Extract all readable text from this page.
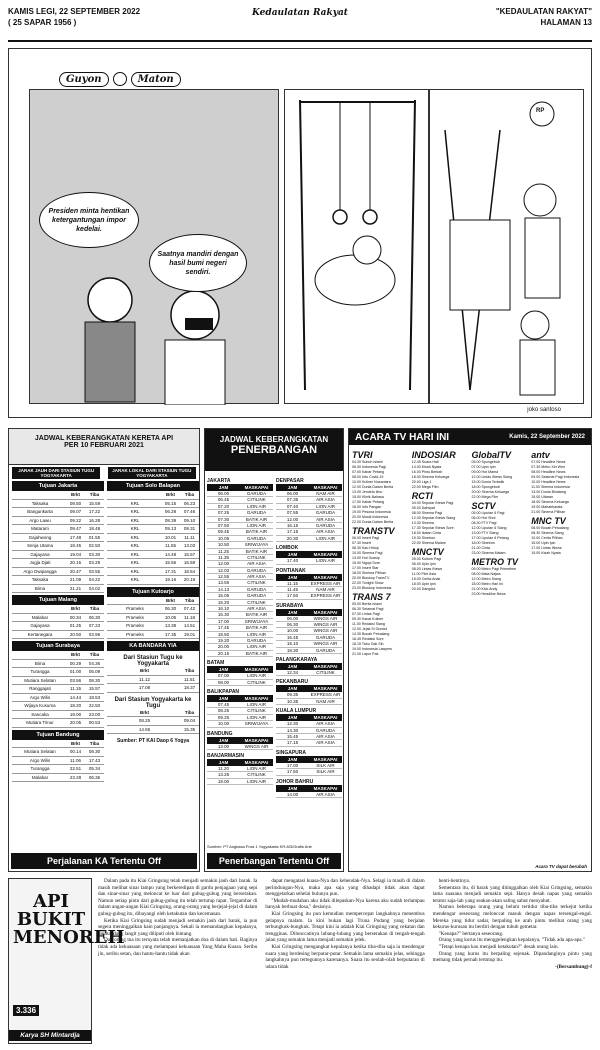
KAMIS LEGI, 22 SEPTEMBER 2022
( 25 SAPAR 1956 )
Kedaulatan Rakyat	"KEDAULATAN RAKYAT"
HALAMAN 13
Guyon	Maton
Presiden minta hentikan ketergantungan impor kedelai.
Saatnya mandiri dengan hasil bumi negeri sendiri.
RP
joko santoso
JADWAL KEBERANGKATAN KERETA API
PER 10 FEBRUARI 2021
JARAK JAUH DARI STASIUN TUGU YOGYAKARTA
JARAK LOKAL DARI STASIUN TUGU YOGYAKARTA
Tujuan Jakarta
Brkt	Tiba
Taksaka	08.50	15.59
Bangunkarta	09.07	17.22
Argo Lawu	09.22	16.28
Mataram	09.47	18.48
Gajahwong	17.48	01.55
Senja Utama	18.45	02.50
Gajayana	19.04	03.30
Jogja Djati	20.15	03.29
Argo Dwipangga	20.47	03.55
Taksaka	21.09	04.22
Bima	21.21	04.02
Tujuan Malang
Brkt	Tiba
Malabar	00.34	06.30
Gajayana	01.25	07.23
Kertanegara	20.50	03.96
Tujuan Surabaya
Brkt	Tiba
Bima	00.29	04.36
Turangga	01.00	05.09
Mutiara Selatan	03.56	08.30
Ranggajati	11.15	15.57
Argo Wilis	14.44	18.53
Wijaya Kusuma	18.20	22.50
Sancaka	19.00	23.00
Mutiara Timur	20.05	00.53
Tujuan Bandung
Brkt	Tiba
Mutiara Selatan	00.14	08.30
Argo Wilis	11.06	17.43
Turangga	22.51	05.34
Malabar	23.28	06.36
Tujuan Solo Balapan
Brkt	Tiba
KRL	05.15	06.23
KRL	06.28	07.46
KRL	08.39	09.10
KRL	09.13	09.31
KRL	10.01	11.11
KRL	11.55	13.03
KRL	14.48	15.57
KRL	15.56	16.59
KRL	17.31	18.54
KRL	19.16	20.19
Tujuan Kutoarjo
Brkt	Tiba
Prameks	06.30	07.42
Prameks	10.05	11.18
Prameks	13.38	14.51
Prameks	17.35	19.01
KA BANDARA YIA
Dari Stasiun Tugu ke Yogyakarta
Brkt	Tiba
11.12	11.51
17.08	18.37
Dari Stasiun Yogyakarta ke Tugu
Brkt	Tiba
08.25	09.04
14.55	15.35
Sumber: PT KAI Daop 6 Yogya
Perjalanan KA Tertentu Off
JADWAL KEBERANGKATAN
PENERBANGAN
JAKARTA
JAM	MASKAPAI
06.00	GARUDA
06.45	CITILINK
07.20	LION AIR
07.25	GARUDA
07.30	BATIK AIR
07.50	LION AIR
09.45	BATIK AIR
10.05	GARUDA
10.50	SRIWIJAYA
11.25	BATIK AIR
11.35	CITILINK
12.00	AIR ASIA
12.03	GARUDA
12.55	AIR ASIA
13.55	CITILINK
14.13	GARUDA
15.05	GARUDA
15.20	CITILINK
16.10	AIR ASIA
16.30	BATIK AIR
17.00	SRIWIJAYA
17.45	BATIK AIR
18.50	LION AIR
19.20	GARUDA
20.00	LION AIR
20.15	BATIK AIR
BATAM
JAM	MASKAPAI
07.00	LION AIR
08.00	CITILINK
BALIKPAPAN
JAM	MASKAPAI
07.45	LION AIR
08.25	CITILINK
09.25	LION AIR
10.00	SRIWIJAYA
BANDUNG
JAM	MASKAPAI
13.00	WINGS AIR
BANJARMASIN
JAM	MASKAPAI
11.20	LION AIR
13.25	CITILINK
18.00	LION AIR
DENPASAR
JAM	MASKAPAI
06.00	NAM AIR
07.35	AIR ASIA
07.40	LION AIR
07.55	GARUDA
12.00	AIR ASIA
16.15	GARUDA
17.15	AIR ASIA
20.30	LION AIR
LOMBOK
JAM	MASKAPAI
17.40	LION AIR
PONTIANAK
JAM	MASKAPAI
11.15	EXPRESS AIR
11.45	NAM AIR
17.50	EXPRESS AIR
SURABAYA
JAM	MASKAPAI
06.00	WINGS AIR
06.30	WINGS AIR
10.00	WINGS AIR
15.45	GARUDA
15.10	WINGS AIR
18.30	GARUDA
PALANGKARAYA
JAM	MASKAPAI
12.34	CITILINK
PEKANBARU
JAM	MASKAPAI
09.35	EXPRESS AIR
10.35	NAM AIR
KUALA LUMPUR
JAM	MASKAPAI
12.30	AIR ASIA
14.30	GARUDA
15.45	AIR ASIA
17.15	AIR ASIA
SINGAPURA
JAM	MASKAPAI
17.00	SILK AIR
17.50	SILK AIR
JOHOR BAHRU
JAM	MASKAPAI
14.00	AIR ASIA
Sumber: PT Angkasa Pura 1 Yogyakarta KR-M3/Grafis Arie
Penerbangan Tertentu Off
ACARA TV HARI INI	Kamis, 22 September 2022
TVRI
04.30 Subuh Islami
06.00 Indonesia Pagi
07.00 Kabar Petang
08.00 Info Covid-19
10.00 Kuliner Nusantara
12.00 Dunia Dalam Berita
13.00 Jendela Ilmu
15.00 Klinik Bahasa
17.00 Kabar Petang
18.00 Info Pangan
19.00 Pesona Indonesia
20.00 Musik Indonesia
22.00 Dunia Dalam Berita
TRANSTV
06.00 Insert Pagi
07.30 Insert
08.30 Kau Hidup
10.00 Sinema Pagi
13.00 Hot Gossip
15.00 Ngopi Sore
17.00 Insert Star
18.00 Sinema Pilihan
20.00 Bioskop TransTV
22.00 Tonight Show
23.00 Bioskop Indonesia
TRANS 7
05.00 Berita Islami
06.30 Selamat Pagi
07.30 Lintas Pagi
09.30 Kanal Kuliner
11.00 Redaksi Siang
12.00 Jejak Si Gundul
14.30 Bocah Petualang
16.45 Redaksi Sore
18.15 Tahu Gak Sih
19.00 Indonesia Lawyers
21.00 Lapor Pak
INDOSIAR
12.45 Suara Hati
14.00 Kisah Nyata
16.00 Pintu Berkah
18.00 Sinema Keluarga
20.00 Liga 1
22.00 Mega Film
RCTI
04.00 Seputar iNews Pagi
05.00 Dahsyat
08.00 Sinema Pagi
12.00 Seputar iNews Siang
13.30 Sinema
17.30 Seputar iNews Sore
18.00 Ikatan Cinta
19.30 Sinetron
22.00 Sinema Malam
MNCTV
05.00 Kultum Pagi
06.00 Upin Ipin
08.00 Lintas iNews
11.00 Film Asia
15.00 Cerita Anak
18.00 Upin Ipin
20.00 Dangdut
GlobalTV
05.00 Spongebob
07.00 Upin Ipin
09.00 Hot Mama
12.00 Lintas iNews Siang
15.00 Dunia Terbalik
18.00 Spongebob
20.00 Sinema Keluarga
22.00 Mega Film
SCTV
05.00 Liputan 6 Pagi
06.00 Hot Shot
08.30 FTV Pagi
12.00 Liputan 6 Siang
13.00 FTV Siang
17.00 Liputan 6 Petang
18.00 Sinetron
21.00 Cinta
23.00 Sinema Malam
METRO TV
05.00 Metro Pagi Primetime
08.00 Mata Najwa
12.00 Metro Siang
18.00 Metro Hari Ini
21.00 Kick Andy
23.00 Headline News
antv
07.00 Headline News
07.30 Metro Xin Wen
08.00 Headline News
09.00 Selamat Pagi Indonesia
10.00 Headline News
11.00 Sinema Indonesia
13.00 Dunia Binatang
15.00 Uttaran
18.00 Sinema Keluarga
19.00 Mahabharata
21.00 Sinema Pilihan
MNC TV
06.00 Bocah Petualang
08.30 Sinema Siang
10.00 Cerita Pilihan
15.00 Upin Ipin
17.00 Lintas iNews
19.00 Kisah Nyata
Acara TV dapat berubah
API BUKIT MENOREH
3.336
Karya SH Mintardja

Dalam pada itu Kiai Gringsing telah menjadi semakin jauh dari barak. Ia masih melihat sinar lampu yang berkeredipan di gardu penjagaan yang sepi dan sinar-sinar yang meloncat ke luar dari gubug-gubug yang berserakan. Namun setiap pintu dari gubug-gubug itu telah tertutup rapat. Tergambar di dalam angan-angan Kiai Gringsing, orang-orang yang berjejal-jejal di dalam gubug-gubug itu, dibayangi oleh ketakutan dan kecemasan.

Ketika Kiai Gringsing sudah menjadi semakin jauh dari barak, ia pun segera meninggalkan kain panjangnya. Sekali ia memandangkan kepalanya, memandang langit yang diliputi oleh bintang.

Dan orang tua itu ternyata telah memanjatkan doa di dalam hati. Baginya tidak ada kekuasaan yang melampaui kekuasaan Yang Maha Kuasa. Seribu jin, seribu setan, dan hantu-hantu tidak akan

dapat mengatasi kuasa-Nya dan kehendak-Nya. Selagi ia masih di dalam perlindungan-Nya, maka apa saja yang dihadapi tidak akan dapat menggetarkan sehelai bulunya pun.

"Mudah-mudahan aku tidak dilepaskan-Nya karena aku sudah terlampau banyak berbuat dosa," desisnya.

Kiai Gringsing itu pun kemudian mempercepat langkahnya menembus gelapnya malam. Ia kini bukan lagi Truna Podang yang berjalan terbungkuk-bungkuk. Tetapi kini ia adalah Kiai Gringsing yang cekatan dan trengginas. Dilonccatinya lubang-lubang yang berserakan di tengah-tengah jalan yang semakin lama menjadi semakin jelek.

Kiai Gringsing mengangkat kepalanya ketika tiba-tiba saja ia mendengar suara yang berdesing berputar-putar. Semakin lama semakin jelas, sehingga langkahnya pun tertegunnya karenanya. Suara itu seolah-olah berputaran di udara tidak

henti-hentinya.

Sementara itu, di barak yang ditinggalkan oleh Kiai Gringsing, semakin lama suasana menjadi semakin sepi. Hanya desah napas yang semakin teratur saja-lah yang seakan-akan saling sahut menyahut.

Namun beberapa orang yang belum tertidur tiba-tiba terkejut ketika mendengar seseorang melonccat masuk dengan napas tersengal-engal. Mereka yang tidur sadar, berpaling ke arah pintu melihat orang yang kekurus-kurusan itu berdiri dengan tubuh gemetar.

"Kenapa?" bertanya seseorang.

Orang yang kurus itu menggelengkan kepalanya, "Tidak ada apa-apa."

"Tetapi kenapa kau menjadi ketakutan?" desak orang lain.

Orang yang kurus itu berpaling sejenak. Dipandanginya pintu yang memang tidak pernah tertutup itu.

-(Bersambung)-f
